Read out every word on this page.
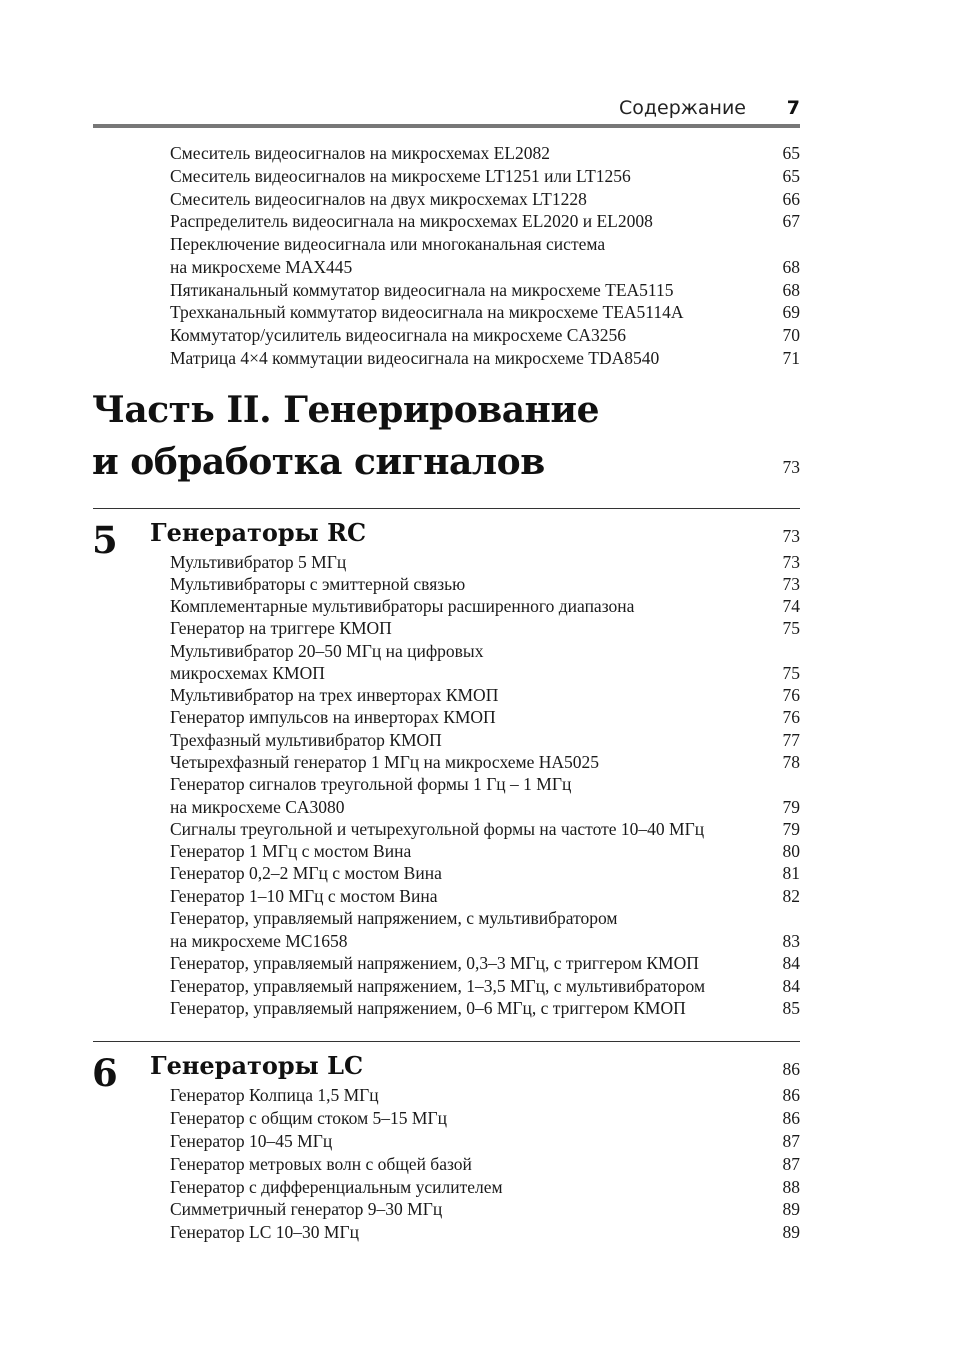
Содержание 7
Смеситель видеосигналов на микросхемах EL2082	65
Смеситель видеосигналов на микросхеме LT1251 или LT1256	65
Смеситель видеосигналов на двух микросхемах LT1228	66
Распределитель видеосигнала на микросхемах EL2020 и EL2008	67
Переключение видеосигнала или многоканальная система
на микросхеме MAX445	68
Пятиканальный коммутатор видеосигнала на микросхеме TEA5115	68
Трехканальный коммутатор видеосигнала на микросхеме TEA5114A	69
Коммутатор/усилитель видеосигнала на микросхеме CA3256	70
Матрица 4×4 коммутации видеосигнала на микросхеме TDA8540	71
Часть II. Генерирование
и обработка сигналов	73
5 Генераторы RC	73
Мультивибратор 5 МГц	73
Мультивибраторы с эмиттерной связью	73
Комплементарные мультивибраторы расширенного диапазона	74
Генератор на триггере КМОП	75
Мультивибратор 20–50 МГц на цифровых
микросхемах КМОП	75
Мультивибратор на трех инверторах КМОП	76
Генератор импульсов на инверторах КМОП	76
Трехфазный мультивибратор КМОП	77
Четырехфазный генератор 1 МГц на микросхеме HA5025	78
Генератор сигналов треугольной формы 1 Гц – 1 МГц
на микросхеме CA3080	79
Сигналы треугольной и четырехугольной формы на частоте 10–40 МГц	79
Генератор 1 МГц с мостом Вина	80
Генератор 0,2–2 МГц с мостом Вина	81
Генератор 1–10 МГц с мостом Вина	82
Генератор, управляемый напряжением, с мультивибратором
на микросхеме MC1658	83
Генератор, управляемый напряжением, 0,3–3 МГц, с триггером КМОП	84
Генератор, управляемый напряжением, 1–3,5 МГц, с мультивибратором	84
Генератор, управляемый напряжением, 0–6 МГц, с триггером КМОП	85
6 Генераторы LC	86
Генератор Колпица 1,5 МГц	86
Генератор с общим стоком 5–15 МГц	86
Генератор 10–45 МГц	87
Генератор метровых волн с общей базой	87
Генератор с дифференциальным усилителем	88
Симметричный генератор 9–30 МГц	89
Генератор LC 10–30 МГц	89
